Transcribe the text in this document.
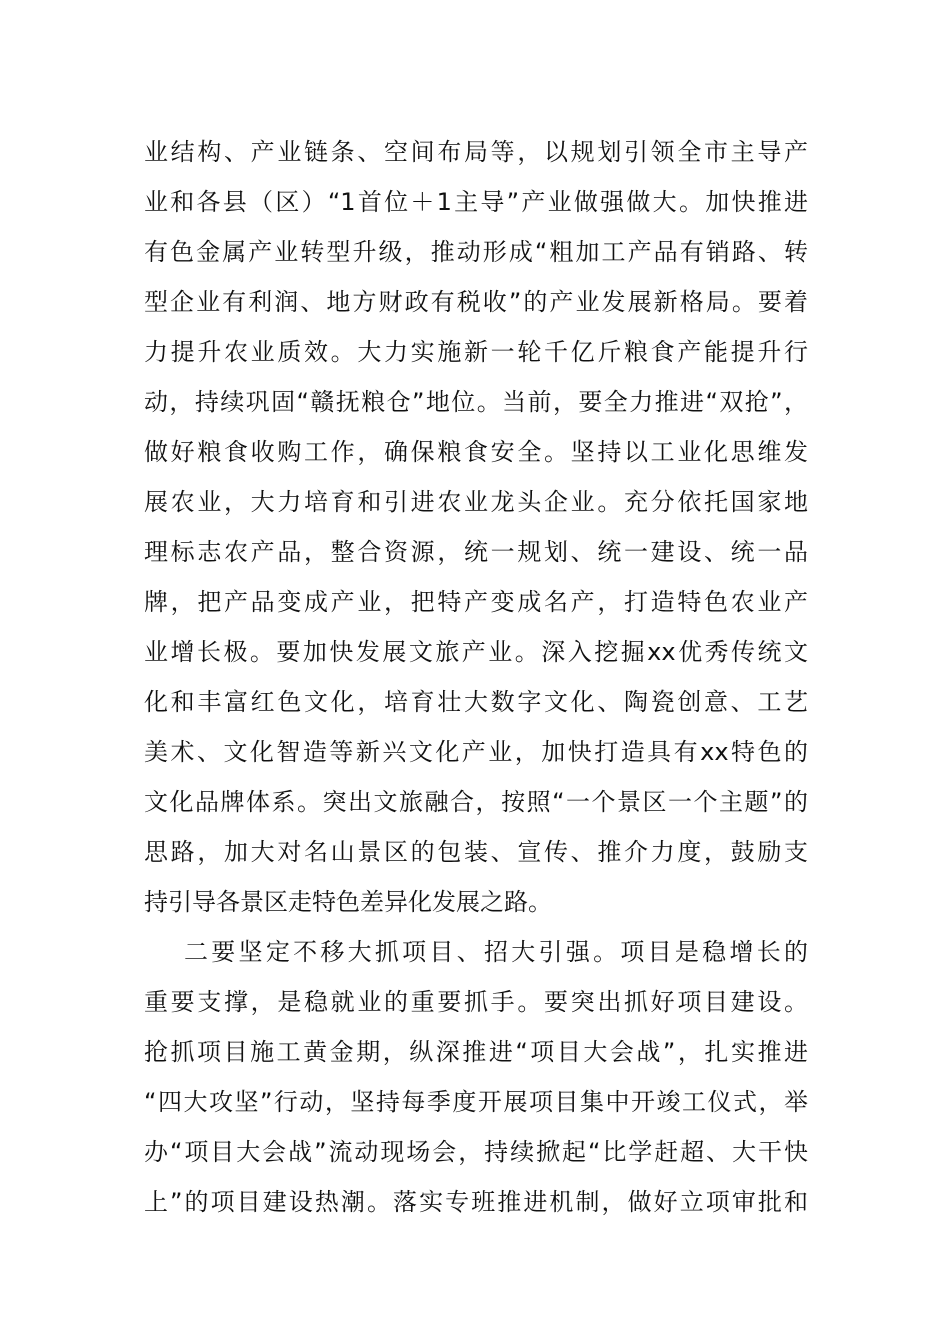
业结构、产业链条、空间布局等，以规划引领全市主导产
业和各县（区）“1首位＋1主导”产业做强做大。加快推进
有色金属产业转型升级，推动形成“粗加工产品有销路、转
型企业有利润、地方财政有税收”的产业发展新格局。要着
力提升农业质效。大力实施新一轮千亿斤粮食产能提升行
动，持续巩固“赣抚粮仓”地位。当前，要全力推进“双抢”，
做好粮食收购工作，确保粮食安全。坚持以工业化思维发
展农业，大力培育和引进农业龙头企业。充分依托国家地
理标志农产品，整合资源，统一规划、统一建设、统一品
牌，把产品变成产业，把特产变成名产，打造特色农业产
业增长极。要加快发展文旅产业。深入挖掘xx优秀传统文
化和丰富红色文化，培育壮大数字文化、陶瓷创意、工艺
美术、文化智造等新兴文化产业，加快打造具有xx特色的
文化品牌体系。突出文旅融合，按照“一个景区一个主题”的
思路，加大对名山景区的包装、宣传、推介力度，鼓励支
持引导各景区走特色差异化发展之路。
二要坚定不移大抓项目、招大引强。项目是稳增长的
重要支撑，是稳就业的重要抓手。要突出抓好项目建设。
抢抓项目施工黄金期，纵深推进“项目大会战”，扎实推进
“四大攻坚”行动，坚持每季度开展项目集中开竣工仪式，举
办“项目大会战”流动现场会，持续掀起“比学赶超、大干快
上”的项目建设热潮。落实专班推进机制，做好立项审批和
